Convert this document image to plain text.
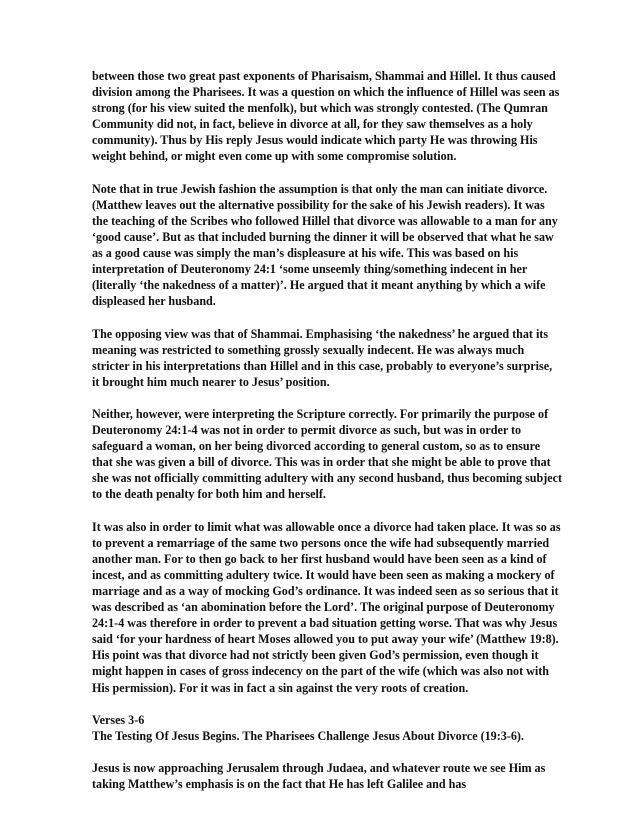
between those two great past exponents of Pharisaism, Shammai and Hillel. It thus caused division among the Pharisees. It was a question on which the influence of Hillel was seen as strong (for his view suited the menfolk), but which was strongly contested. (The Qumran Community did not, in fact, believe in divorce at all, for they saw themselves as a holy community). Thus by His reply Jesus would indicate which party He was throwing His weight behind, or might even come up with some compromise solution.

Note that in true Jewish fashion the assumption is that only the man can initiate divorce. (Matthew leaves out the alternative possibility for the sake of his Jewish readers). It was the teaching of the Scribes who followed Hillel that divorce was allowable to a man for any ‘good cause’. But as that included burning the dinner it will be observed that what he saw as a good cause was simply the man’s displeasure at his wife. This was based on his interpretation of Deuteronomy 24:1 ‘some unseemly thing/something indecent in her (literally ‘the nakedness of a matter)’. He argued that it meant anything by which a wife displeased her husband.

The opposing view was that of Shammai. Emphasising ‘the nakedness’ he argued that its meaning was restricted to something grossly sexually indecent. He was always much stricter in his interpretations than Hillel and in this case, probably to everyone’s surprise, it brought him much nearer to Jesus’ position.

Neither, however, were interpreting the Scripture correctly. For primarily the purpose of Deuteronomy 24:1-4 was not in order to permit divorce as such, but was in order to safeguard a woman, on her being divorced according to general custom, so as to ensure that she was given a bill of divorce. This was in order that she might be able to prove that she was not officially committing adultery with any second husband, thus becoming subject to the death penalty for both him and herself.

It was also in order to limit what was allowable once a divorce had taken place. It was so as to prevent a remarriage of the same two persons once the wife had subsequently married another man. For to then go back to her first husband would have been seen as a kind of incest, and as committing adultery twice. It would have been seen as making a mockery of marriage and as a way of mocking God’s ordinance. It was indeed seen as so serious that it was described as ‘an abomination before the Lord’. The original purpose of Deuteronomy 24:1-4 was therefore in order to prevent a bad situation getting worse. That was why Jesus said ‘for your hardness of heart Moses allowed you to put away your wife’ (Matthew 19:8). His point was that divorce had not strictly been given God’s permission, even though it might happen in cases of gross indecency on the part of the wife (which was also not with His permission). For it was in fact a sin against the very roots of creation.

Verses 3-6

The Testing Of Jesus Begins. The Pharisees Challenge Jesus About Divorce (19:3-6).

Jesus is now approaching Jerusalem through Judaea, and whatever route we see Him as taking Matthew’s emphasis is on the fact that He has left Galilee and has
